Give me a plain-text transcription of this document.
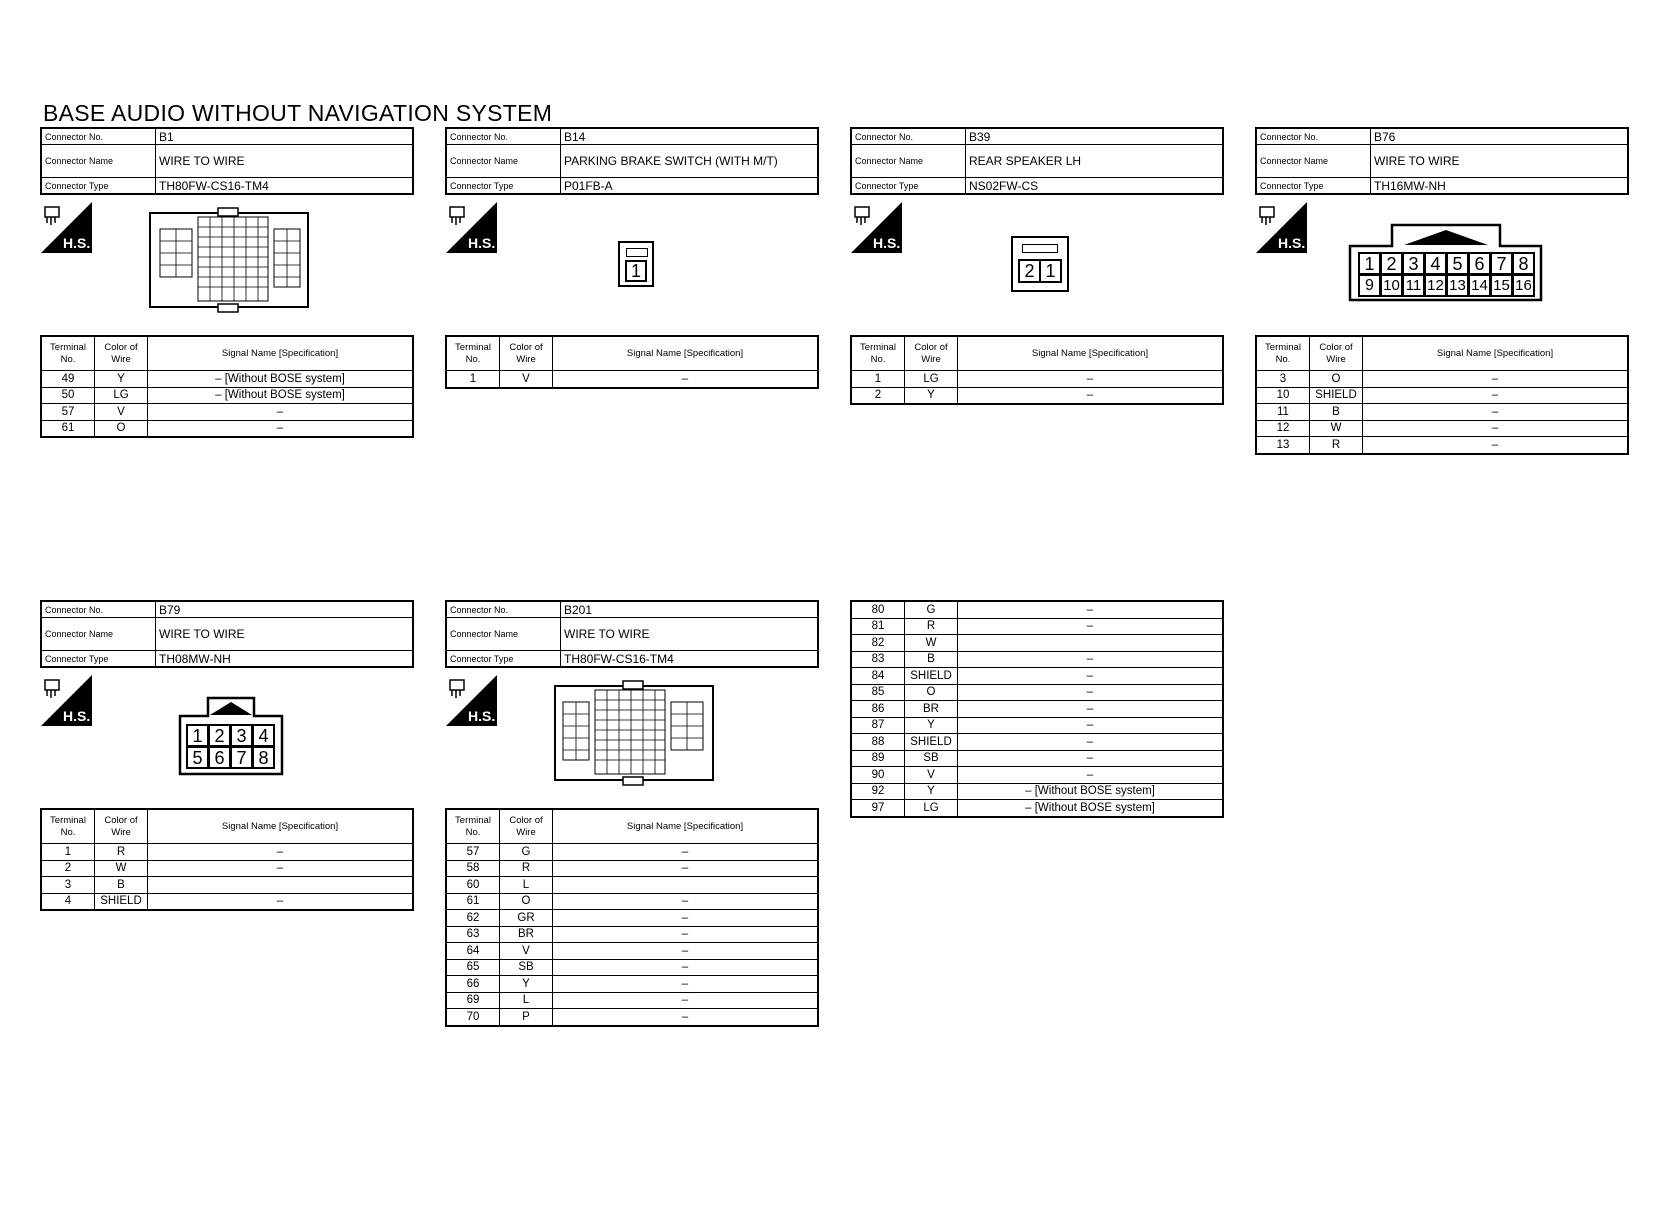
BASE AUDIO WITHOUT NAVIGATION SYSTEM
Connector No.	B1
Connector Name	WIRE TO WIRE
Connector Type	TH80FW-CS16-TM4
H.S.
Terminal
No.	Color of
Wire	Signal Name [Specification]
49	Y	– [Without BOSE system]
50	LG	– [Without BOSE system]
57	V	–
61	O	–
Connector No.	B14
Connector Name	PARKING BRAKE SWITCH (WITH M/T)
Connector Type	P01FB-A
H.S.
1
Terminal
No.	Color of
Wire	Signal Name [Specification]
1	V	–
Connector No.	B39
Connector Name	REAR SPEAKER LH
Connector Type	NS02FW-CS
H.S.
2 1
Terminal
No.	Color of
Wire	Signal Name [Specification]
1	LG	–
2	Y	–
Connector No.	B76
Connector Name	WIRE TO WIRE
Connector Type	TH16MW-NH
H.S.
1 2 3 4 5 6 7 8
9 10 11 12 13 14 15 16
Terminal
No.	Color of
Wire	Signal Name [Specification]
3	O	–
10	SHIELD	–
11	B	–
12	W	–
13	R	–
Connector No.	B79
Connector Name	WIRE TO WIRE
Connector Type	TH08MW-NH
H.S.
1 2 3 4
5 6 7 8
Terminal
No.	Color of
Wire	Signal Name [Specification]
1	R	–
2	W	–
3	B	
4	SHIELD	–
Connector No.	B201
Connector Name	WIRE TO WIRE
Connector Type	TH80FW-CS16-TM4
H.S.
Terminal
No.	Color of
Wire	Signal Name [Specification]
57	G	–
58	R	–
60	L	
61	O	–
62	GR	–
63	BR	–
64	V	–
65	SB	–
66	Y	–
69	L	–
70	P	–
80	G	–
81	R	–
82	W	
83	B	–
84	SHIELD	–
85	O	–
86	BR	–
87	Y	–
88	SHIELD	–
89	SB	–
90	V	–
92	Y	– [Without BOSE system]
97	LG	– [Without BOSE system]
